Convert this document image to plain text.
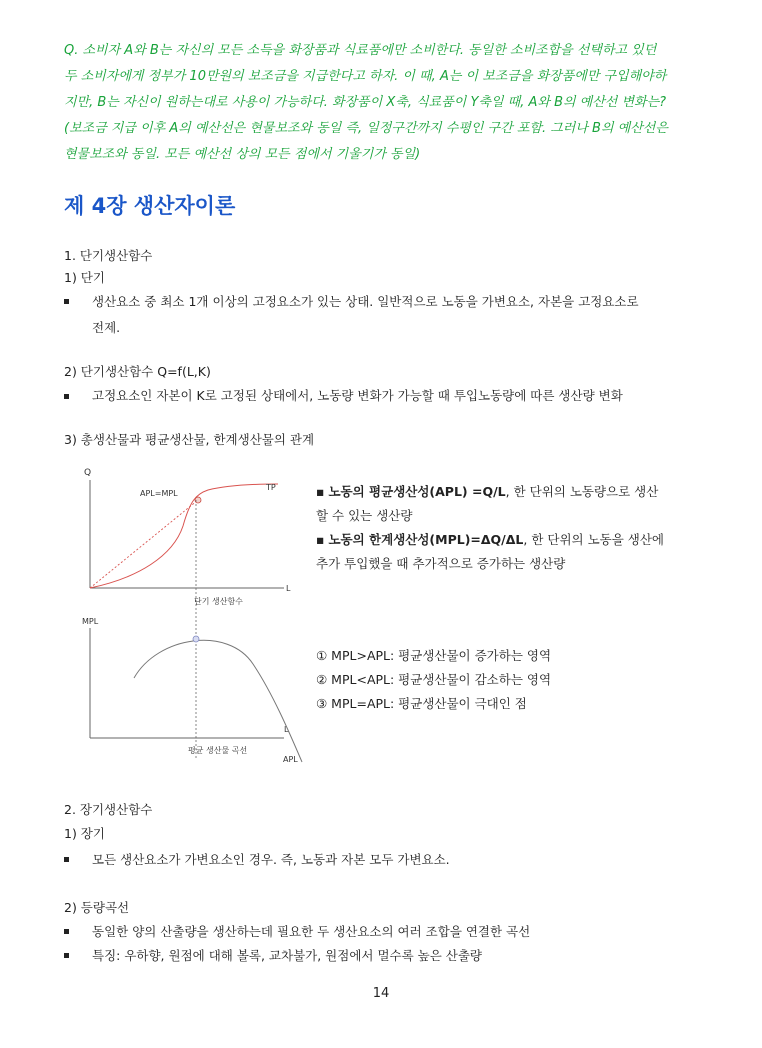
Q. 소비자 A와 B는 자신의 모든 소득을 화장품과 식료품에만 소비한다. 동일한 소비조합을 선택하고 있던

두 소비자에게 정부가 10만원의 보조금을 지급한다고 하자. 이 때, A는 이 보조금을 화장품에만 구입해야하

지만, B는 자신이 원하는대로 사용이 가능하다. 화장품이 X축, 식료품이 Y축일 때, A와 B의 예산선 변화는?

(보조금 지급 이후 A의 예산선은 현물보조와 동일 즉, 일정구간까지 수평인 구간 포함. 그러나 B의 예산선은

현물보조와 동일. 모든 예산선 상의 모든 점에서 기울기가 동일)

제 4장 생산자이론
1. 단기생산함수
1) 단기
생산요소 중 최소 1개 이상의 고정요소가 있는 상태. 일반적으로 노동을 가변요소, 자본을 고정요소로
전제.
2) 단기생산함수 Q=f(L,K)
고정요소인 자본이 K로 고정된 상태에서, 노동량 변화가 가능할 때 투입노동량에 따른 생산량 변화
3) 총생산물과 평균생산물, 한계생산물의 관계
Q
L
APL=MPL
TP
단기 생산함수
MPL
L
평균 생산물 곡선
APL
▪ 노동의 평균생산성(APL) =Q/L, 한 단위의 노동량으로 생산
할 수 있는 생산량
▪ 노동의 한계생산성(MPL)=ΔQ/ΔL, 한 단위의 노동을 생산에
추가 투입했을 때 추가적으로 증가하는 생산량
① MPL>APL: 평균생산물이 증가하는 영역
② MPL<APL: 평균생산물이 감소하는 영역
③ MPL=APL: 평균생산물이 극대인 점
2. 장기생산함수
1) 장기
모든 생산요소가 가변요소인 경우. 즉, 노동과 자본 모두 가변요소.
2) 등량곡선
동일한 양의 산출량을 생산하는데 필요한 두 생산요소의 여러 조합을 연결한 곡선
특징: 우하향, 원점에 대해 볼록, 교차불가, 원점에서 멀수록 높은 산출량
14
